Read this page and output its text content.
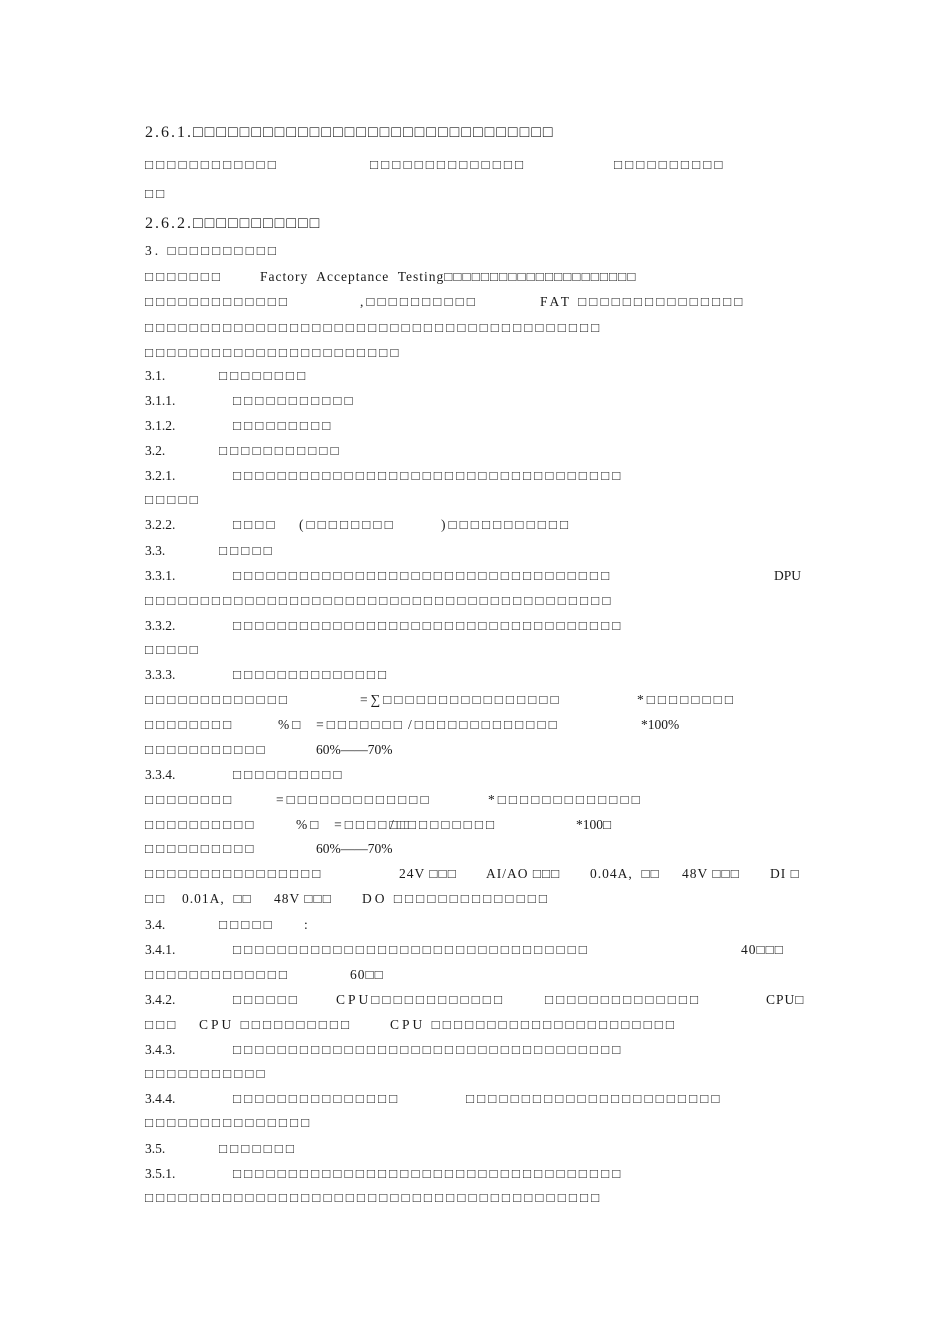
2.6.1.□□□□□□□□□□□□□□□□□□□□□□□□□□□□□□□
□□□□□□□□□□□□	□□□□□□□□□□□□□□	□□□□□□□□□□
□□
2.6.2.□□□□□□□□□□□
3. □□□□□□□□□□
□□□□□□□	Factory  Acceptance  Testing□□□□□□□□□□□□□□□□□□□□□
□□□□□□□□□□□□□	,□□□□□□□□□□	FAT □□□□□□□□□□□□□□□
□□□□□□□□□□□□□□□□□□□□□□□□□□□□□□□□□□□□□□□□□
□□□□□□□□□□□□□□□□□□□□□□□
3.1.	□□□□□□□□
3.1.1.	□□□□□□□□□□□
3.1.2.	□□□□□□□□□
3.2.	□□□□□□□□□□□
3.2.1.	□□□□□□□□□□□□□□□□□□□□□□□□□□□□□□□□□□□
□□□□□
3.2.2.	□□□□ (□□□□□□□□	)□□□□□□□□□□□
3.3.	□□□□□
3.3.1.	□□□□□□□□□□□□□□□□□□□□□□□□□□□□□□□□□□	DPU
□□□□□□□□□□□□□□□□□□□□□□□□□□□□□□□□□□□□□□□□□□
3.3.2.	□□□□□□□□□□□□□□□□□□□□□□□□□□□□□□□□□□□
□□□□□
3.3.3.	□□□□□□□□□□□□□□
□□□□□□□□□□□□□	=∑□□□□□□□□□□□□□□□□	*□□□□□□□□
□□□□□□□□	%□  =□□□□□□□ /□□□□□□□□□□□□□	*100%
□□□□□□□□□□□	60%——70%
3.3.4.	□□□□□□□□□□
□□□□□□□□	=□□□□□□□□□□□□□	*□□□□□□□□□□□□□
□□□□□□□□□□	%□  =□□□□□□
/□□□□□□□□□	*100□
□□□□□□□□□□	60%——70%
□□□□□□□□□□□□□□□□	24V □□□ AI/AO □□□ 0.04A,  □□ 48V □□□ DI □
□□ 0.01A,  □□ 48V □□□ DO □□□□□□□□□□□□□□
3.4.	□□□□□ :
3.4.1.	□□□□□□□□□□□□□□□□□□□□□□□□□□□□□□□□	40□□□
□□□□□□□□□□□□□	60□□
3.4.2.	□□□□□□	CPU□□□□□□□□□□□□	□□□□□□□□□□□□□□	CPU□
□□□ CPU □□□□□□□□□□	CPU □□□□□□□□□□□□□□□□□□□□□□
3.4.3.	□□□□□□□□□□□□□□□□□□□□□□□□□□□□□□□□□□□
□□□□□□□□□□□
3.4.4.	□□□□□□□□□□□□□□□	□□□□□□□□□□□□□□□□□□□□□□□
□□□□□□□□□□□□□□□
3.5.	□□□□□□□
3.5.1.	□□□□□□□□□□□□□□□□□□□□□□□□□□□□□□□□□□□
□□□□□□□□□□□□□□□□□□□□□□□□□□□□□□□□□□□□□□□□□
